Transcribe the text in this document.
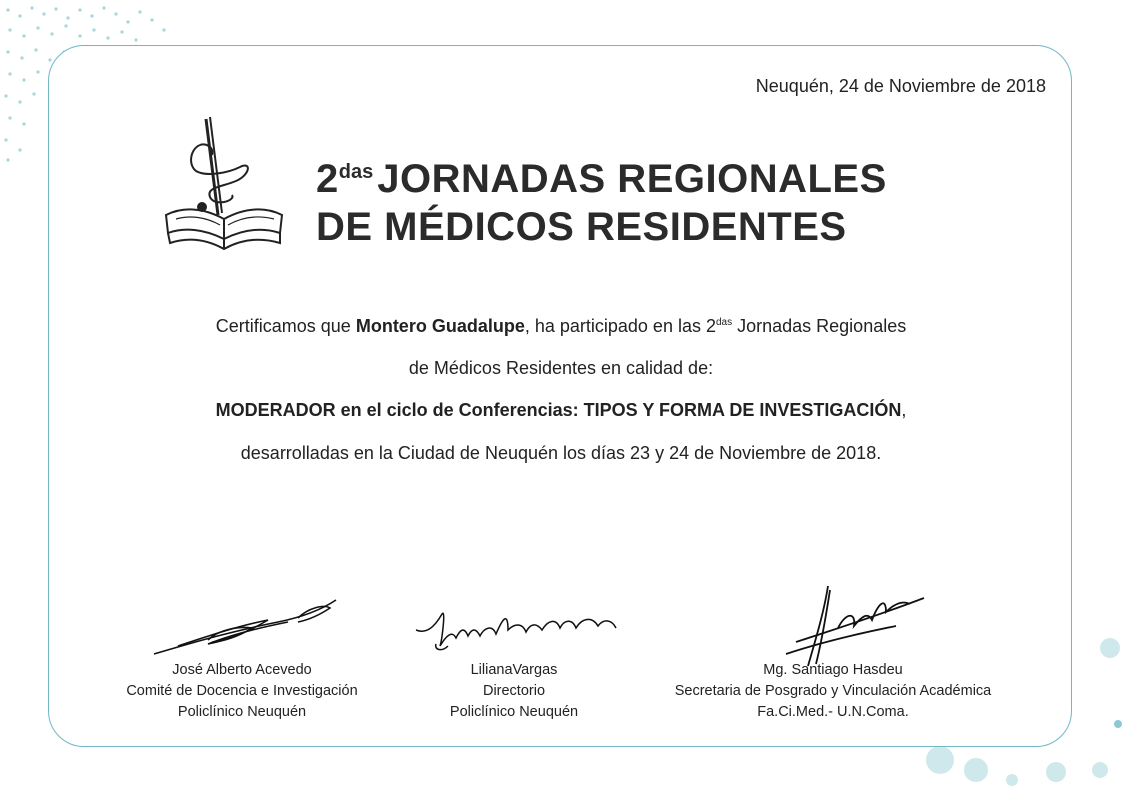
Neuquén, 24 de Noviembre de 2018
$2^{das}$ JORNADAS REGIONALES
DE MÉDICOS RESIDENTES
Certificamos que Montero Guadalupe, ha participado en las $2^{das}$ Jornadas Regionales
de Médicos Residentes en calidad de:
MODERADOR en el ciclo de Conferencias: TIPOS Y FORMA DE INVESTIGACIÓN,
desarrolladas en la Ciudad de Neuquén los días 23 y 24 de Noviembre de 2018.
José Alberto Acevedo
Comité de Docencia e Investigación
Policlínico Neuquén
LilianaVargas
Directorio
Policlínico Neuquén
Mg. Santiago Hasdeu
Secretaria de Posgrado y Vinculación Académica
Fa.Ci.Med.- U.N.Coma.
